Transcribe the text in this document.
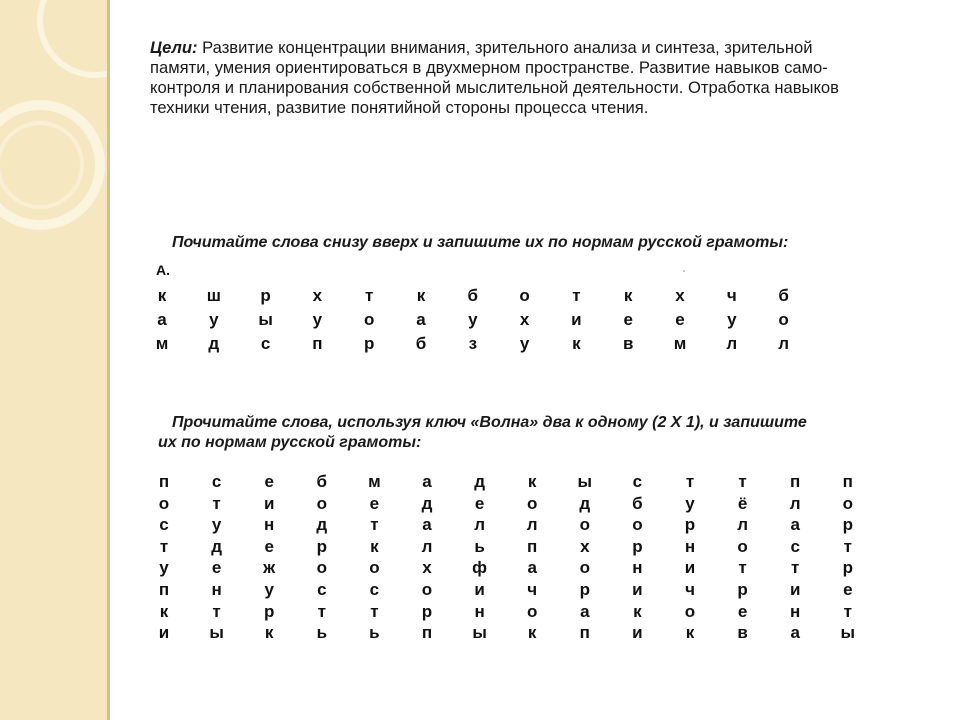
Цели: Развитие концентрации внимания, зрительного анализа и синтеза, зрительной
памяти, умения ориентироваться в двухмерном пространстве. Развитие навыков само-
контроля и планирования собственной мыслительной деятельности. Отработка навыков
техники чтения, развитие понятийной стороны процесса чтения.
Почитайте слова снизу вверх и запишите их по нормам русской грамоты:
А.
к	ш	р	х	т	к	б	о	т	к	х	ч	б
а	у	ы	у	о	а	у	х	и	е	е	у	о
м	д	с	п	р	б	з	у	к	в	м	л	л
Прочитайте слова, используя ключ «Волна» два к одному (2 X 1), и запишите
их по нормам русской грамоты:
п	с	е	б	м	а	д	к	ы	с	т	т	п	п
о	т	и	о	е	д	е	о	д	б	у	ё	л	о
с	у	н	д	т	а	л	л	о	о	р	л	а	р
т	д	е	р	к	л	ь	п	х	р	н	о	с	т
у	е	ж	о	о	х	ф	а	о	н	и	т	т	р
п	н	у	с	с	о	и	ч	р	и	ч	р	и	е
к	т	р	т	т	р	н	о	а	к	о	е	н	т
и	ы	к	ь	ь	п	ы	к	п	и	к	в	а	ы
